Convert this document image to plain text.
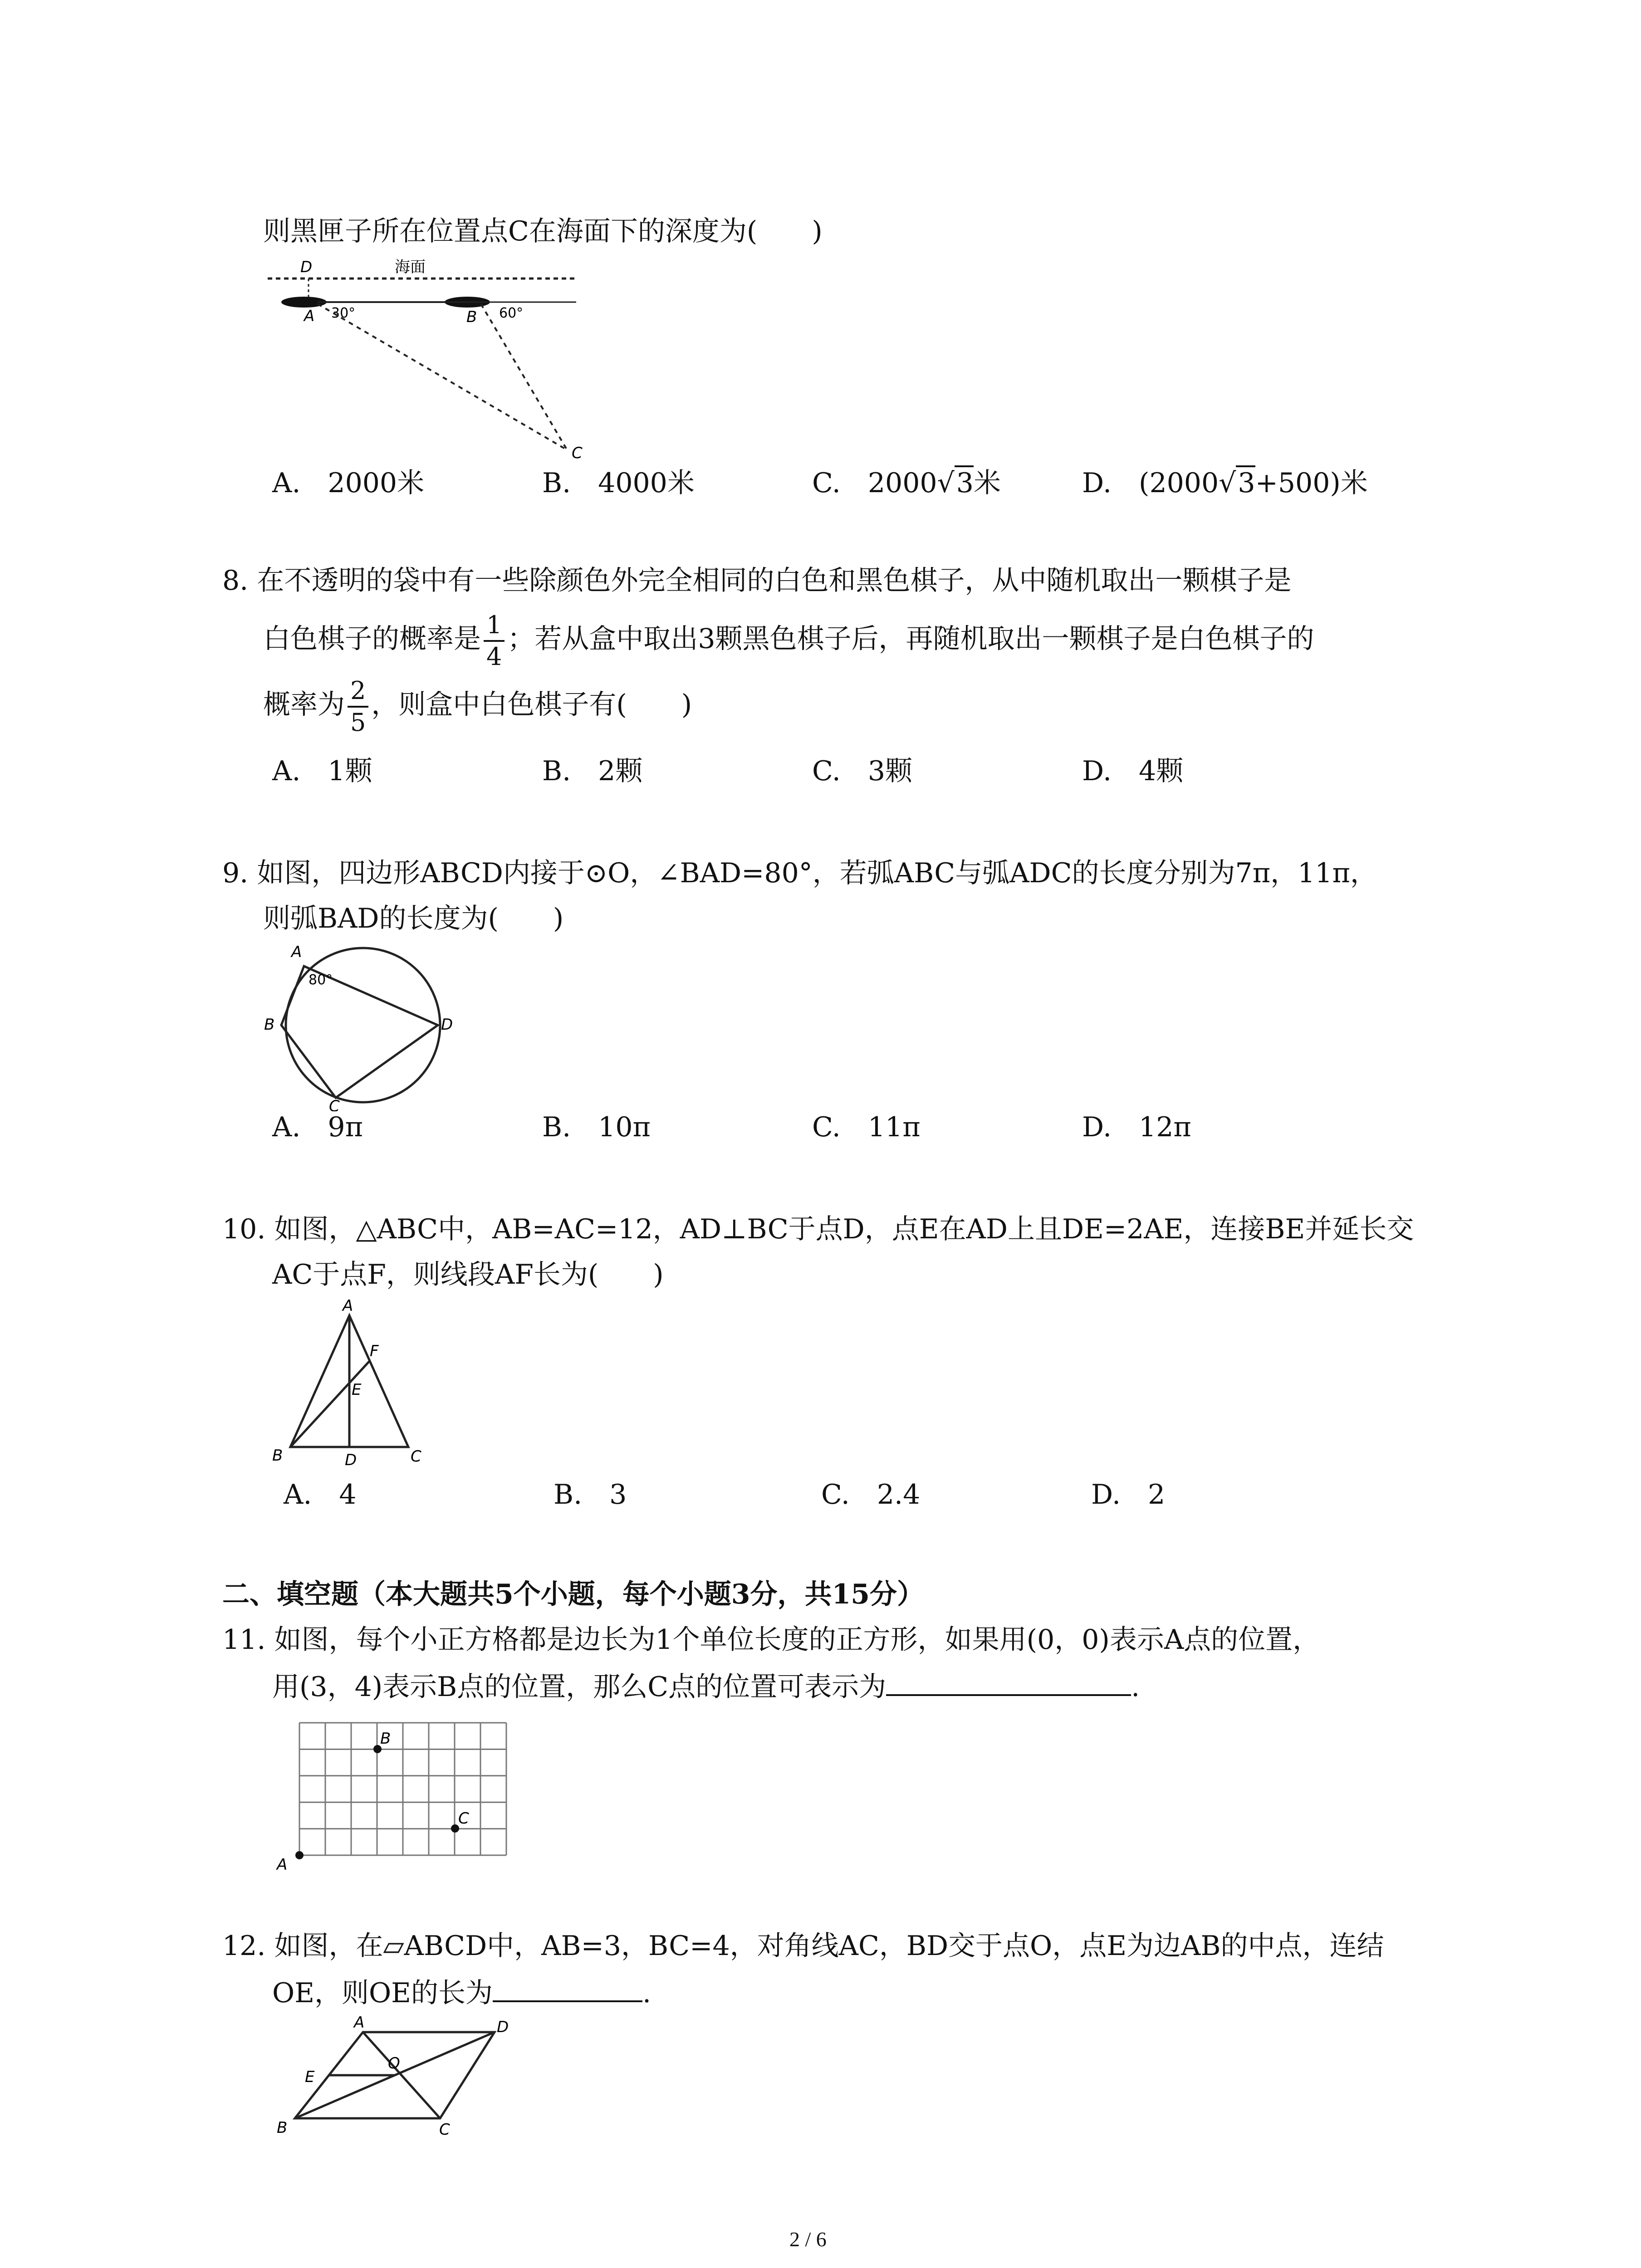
则黑匣子所在位置点C在海面下的深度为(　　)
海面
D
A 30°	B 60°
C
A.　2000米	B.　4000米	C.　2000√3米	D.　(2000√3+500)米
8. 在不透明的袋中有一些除颜色外完全相同的白色和黑色棋子，从中随机取出一颗棋子是
白色棋子的概率是 $\frac{1}{4}$ ；若从盒中取出3颗黑色棋子后，再随机取出一颗棋子是白色棋子的
概率为 $\frac{2}{5}$ ，则盒中白色棋子有(　　)
A.　1颗	B.　2颗	C.　3颗	D.　4颗
9. 如图，四边形ABCD内接于⊙O，∠BAD=80°，若弧ABC与弧ADC的长度分别为7π，11π，
则弧BAD的长度为(　　)
A
80°
B
C
D
A.　9π	B.　10π	C.　11π	D.　12π
10. 如图，△ABC中，AB=AC=12，AD⊥BC于点D，点E在AD上且DE=2AE，连接BE并延长交
AC于点F，则线段AF长为(　　)
A
F
E
B	D	C
A.　4	B.　3	C.　2.4	D.　2
二、填空题（本大题共5个小题，每个小题3分，共15分）
11. 如图，每个小正方格都是边长为1个单位长度的正方形，如果用(0，0)表示A点的位置，
用(3，4)表示B点的位置，那么C点的位置可表示为	.
A
B
C
12. 如图，在▱ABCD中，AB=3，BC=4，对角线AC，BD交于点O，点E为边AB的中点，连结
OE，则OE的长为	.
A	D
E
O
B	C
2 / 6
